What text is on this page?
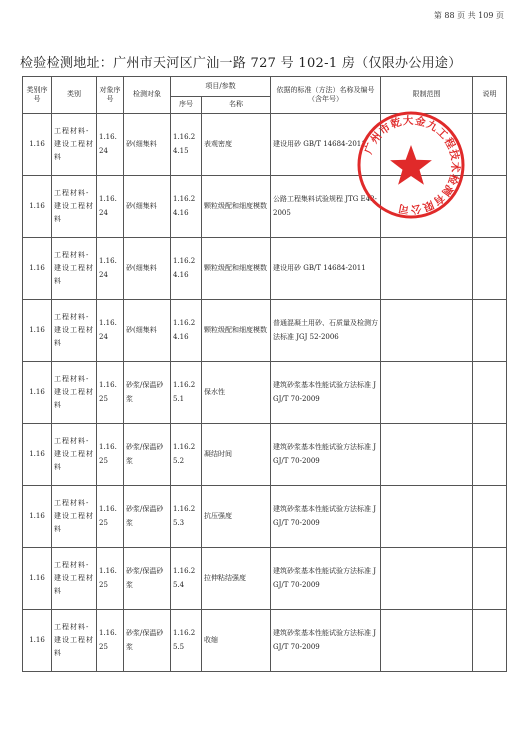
第 88 页 共 109 页
检验检测地址：广州市天河区广汕一路 727 号 102-1 房（仅限办公用途）
类别序号	类别	对象序号	检测对象	项目/参数		依据的标准（方法）名称及编号（含年号）	限制范围	说明
				序号	名称			
1.16	工程材料-建设工程材料	1.16.24	砂(细集料	1.16.24.15	表观密度	建设用砂 GB/T 14684-2011		
1.16	工程材料-建设工程材料	1.16.24	砂(细集料	1.16.24.16	颗粒级配和细度模数	公路工程集料试验规程 JTG E42-2005		
1.16	工程材料-建设工程材料	1.16.24	砂(细集料	1.16.24.16	颗粒级配和细度模数	建设用砂 GB/T 14684-2011		
1.16	工程材料-建设工程材料	1.16.24	砂(细集料	1.16.24.16	颗粒级配和细度模数	普通混凝土用砂、石质量及检测方法标准 JGJ 52-2006		
1.16	工程材料-建设工程材料	1.16.25	砂浆/保温砂浆	1.16.25.1	保水性	建筑砂浆基本性能试验方法标准 JGJ/T 70-2009		
1.16	工程材料-建设工程材料	1.16.25	砂浆/保温砂浆	1.16.25.2	凝结时间	建筑砂浆基本性能试验方法标准 JGJ/T 70-2009		
1.16	工程材料-建设工程材料	1.16.25	砂浆/保温砂浆	1.16.25.3	抗压强度	建筑砂浆基本性能试验方法标准 JGJ/T 70-2009		
1.16	工程材料-建设工程材料	1.16.25	砂浆/保温砂浆	1.16.25.4	拉伸粘结强度	建筑砂浆基本性能试验方法标准 JGJ/T 70-2009		
1.16	工程材料-建设工程材料	1.16.25	砂浆/保温砂浆	1.16.25.5	收缩	建筑砂浆基本性能试验方法标准 JGJ/T 70-2009		
广州市乾大金九工程技术检测有限公司
